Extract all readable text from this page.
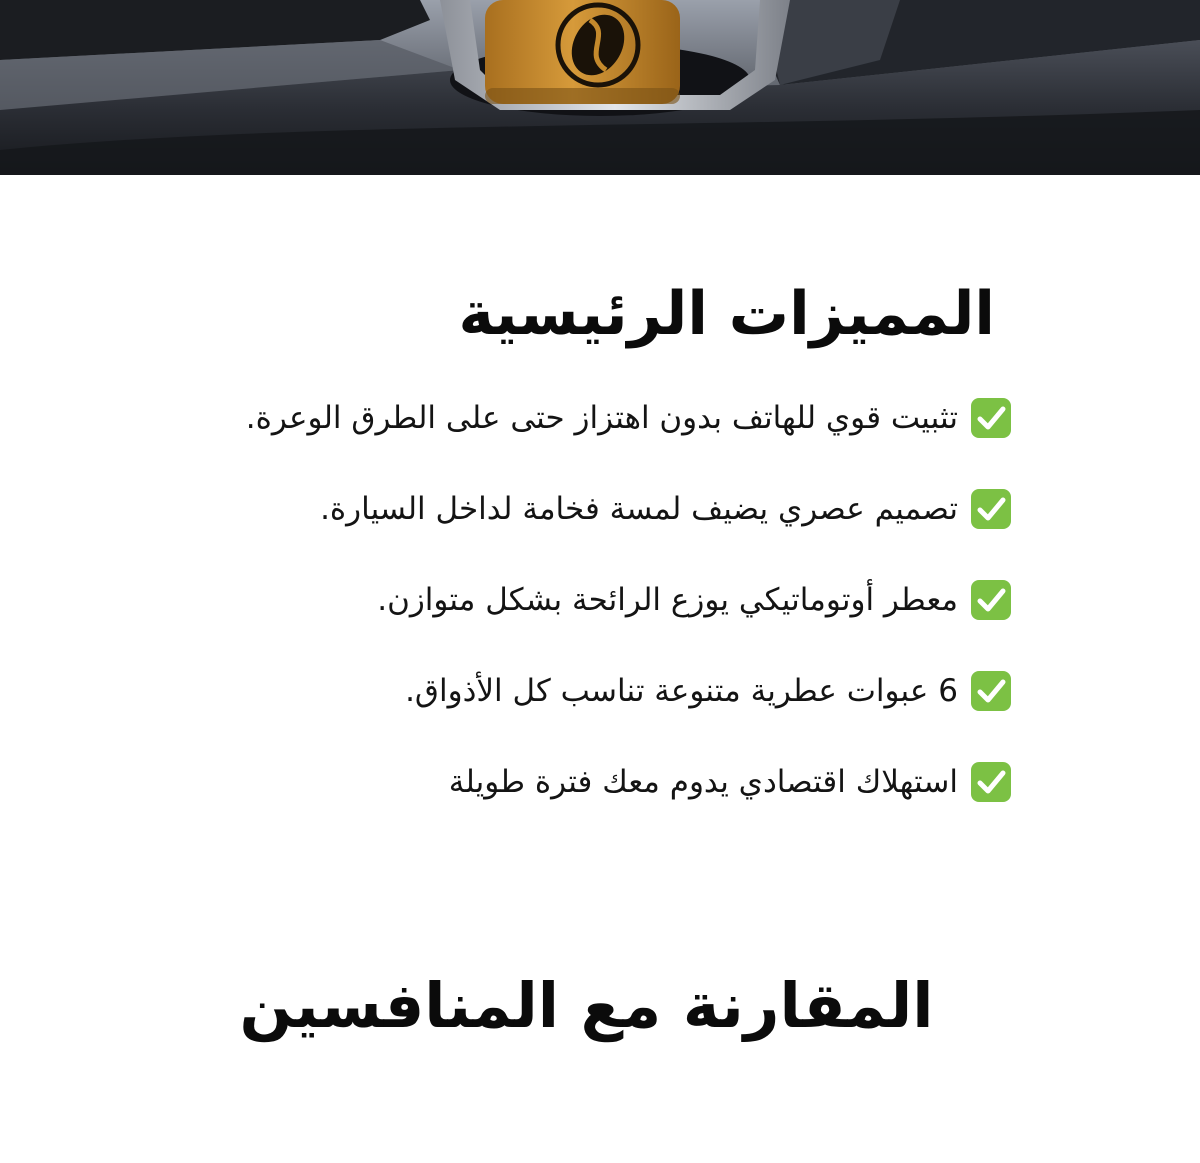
المميزات الرئيسية
تثبيت قوي للهاتف بدون اهتزاز حتى على الطرق الوعرة.
تصميم عصري يضيف لمسة فخامة لداخل السيارة.
معطر أوتوماتيكي يوزع الرائحة بشكل متوازن.
6 عبوات عطرية متنوعة تناسب كل الأذواق.
استهلاك اقتصادي يدوم معك فترة طويلة
المقارنة مع المنافسين
